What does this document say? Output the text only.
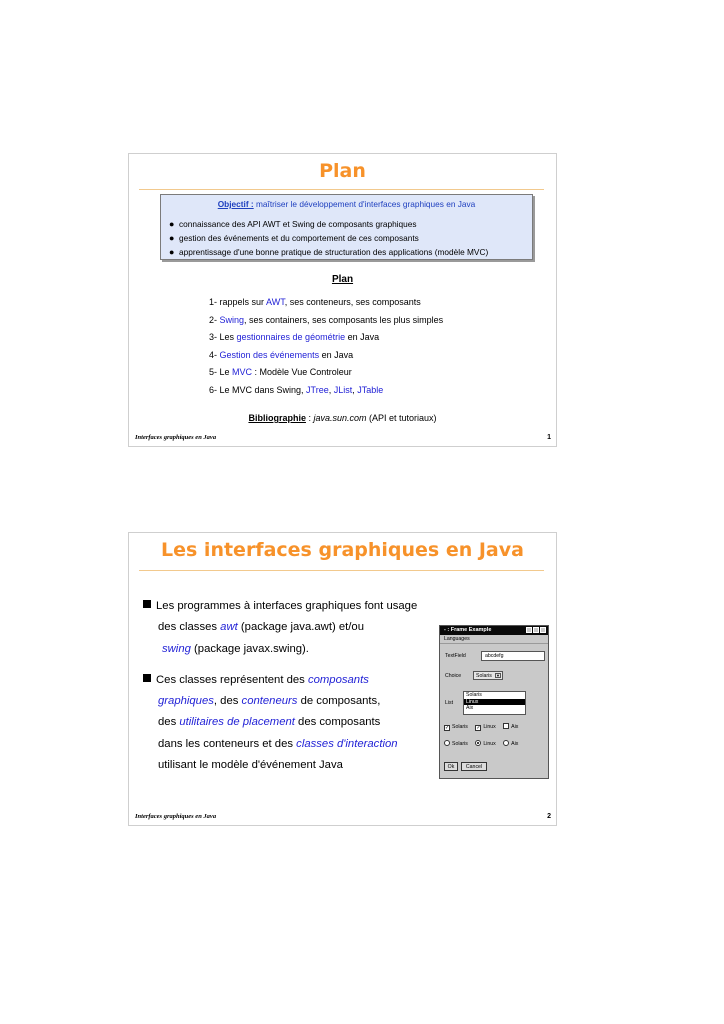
Plan
Objectif : maîtriser le développement d'interfaces graphiques en Java
● connaissance des API AWT et Swing de composants graphiques
● gestion des événements et du comportement de ces composants
● apprentissage d'une bonne pratique de structuration des applications (modèle MVC)
Plan
1- rappels sur AWT, ses conteneurs, ses composants
2- Swing, ses containers, ses composants les plus simples
3- Les gestionnaires de géométrie en Java
4- Gestion des événements en Java
5- Le MVC : Modèle Vue Controleur
6- Le MVC dans Swing, JTree, JList, JTable
Bibliographie : java.sun.com (API et tutoriaux)
Interfaces graphiques en Java	1
Les interfaces graphiques en Java
Les programmes à interfaces graphiques font usage
des classes awt (package java.awt) et/ou
swing (package javax.swing).
Ces classes représentent des composants
graphiques, des conteneurs de composants,
des utilitaires de placement des composants
dans les conteneurs et des classes d'interaction
utilisant le modèle d'événement Java
- : Frame Example
Languages
TextField	abcdefg
Choice	Solaris ▼
List
Solaris
Linux
Aix
✓ Solaris ✓ Linux	Aix
Solaris	Linux	Aix
Ok	Cancel
Interfaces graphiques en Java	2
